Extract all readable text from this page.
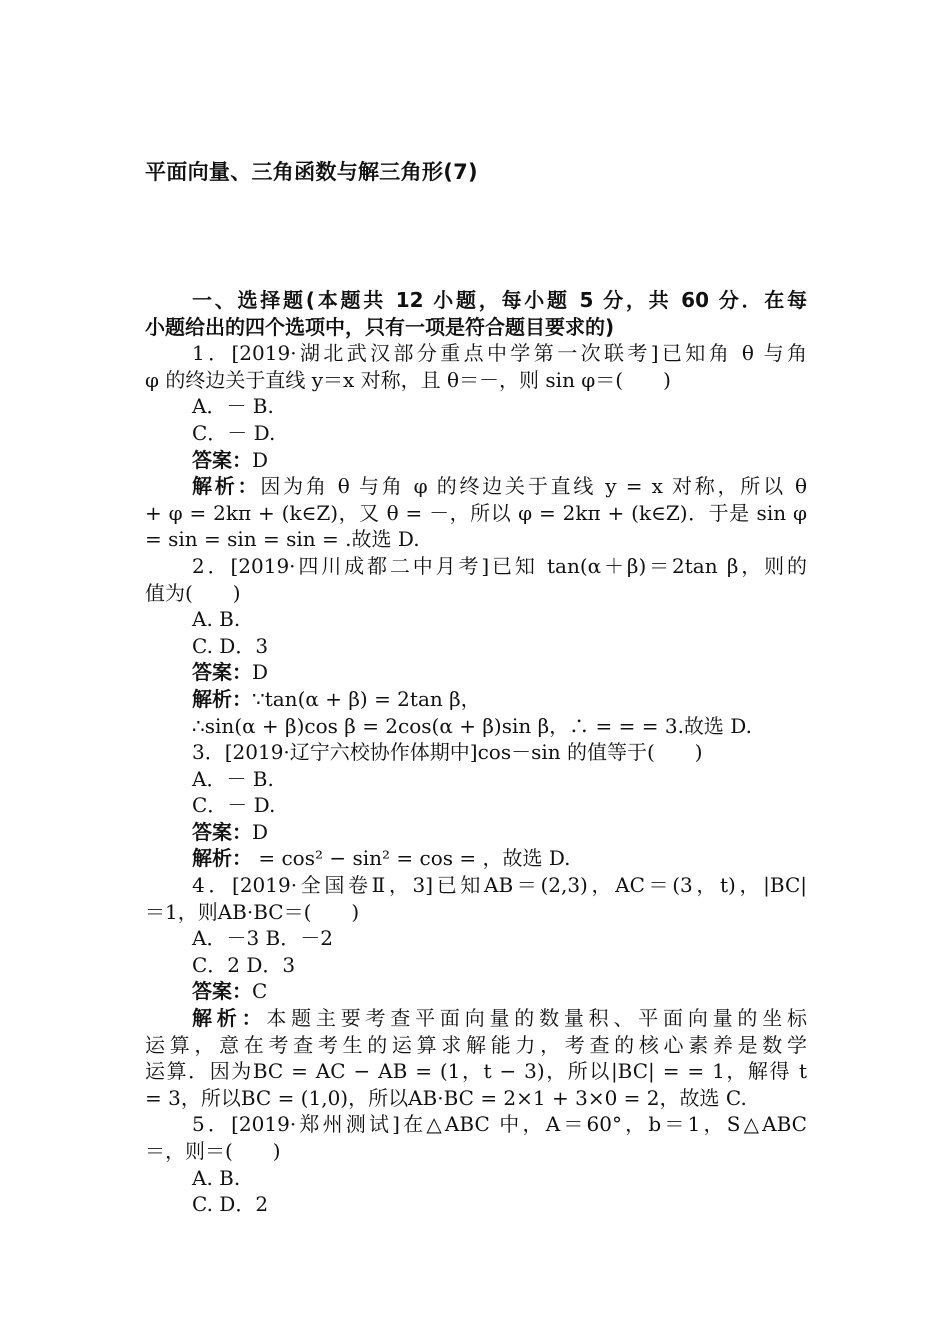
平面向量、三角函数与解三角形(7)
一、选择题(本题共 12 小题，每小题 5 分，共 60 分．在每
小题给出的四个选项中，只有一项是符合题目要求的)
1．[2019·湖北武汉部分重点中学第一次联考]已知角 θ 与角
φ 的终边关于直线 y＝x 对称，且 θ＝－，则 sin φ＝(　　)
A．－ B.
C．－ D.
答案：D
解析：因为角 θ 与角 φ 的终边关于直线 y = x 对称，所以 θ
+ φ = 2kπ + (k∈Z)，又 θ = －，所以 φ = 2kπ + (k∈Z)．于是 sin φ
= sin = sin = sin = .故选 D.
2．[2019·四川成都二中月考]已知 tan(α＋β)＝2tan β，则的
值为(　　)
A. B.
C. D．3
答案：D
解析：∵tan(α + β) = 2tan β，
∴sin(α + β)cos β = 2cos(α + β)sin β，∴ = = = 3.故选 D.
3．[2019·辽宁六校协作体期中]cos－sin 的值等于(　　)
A．－ B.
C．－ D.
答案：D
解析： = cos² − sin² = cos = ，故选 D.
4．[2019·全国卷Ⅱ，3]已知AB＝(2,3)，AC＝(3，t)，|BC|
＝1，则AB·BC＝(　　)
A．－3 B．－2
C．2 D．3
答案：C
解析：本题主要考查平面向量的数量积、平面向量的坐标
运算，意在考查考生的运算求解能力，考查的核心素养是数学
运算．因为BC = AC − AB = (1，t − 3)，所以|BC| = = 1，解得 t
= 3，所以BC = (1,0)，所以AB·BC = 2×1 + 3×0 = 2，故选 C.
5．[2019·郑州测试]在△ABC 中，A＝60°，b＝1，S△ABC
＝，则＝(　　)
A. B.
C. D．2
